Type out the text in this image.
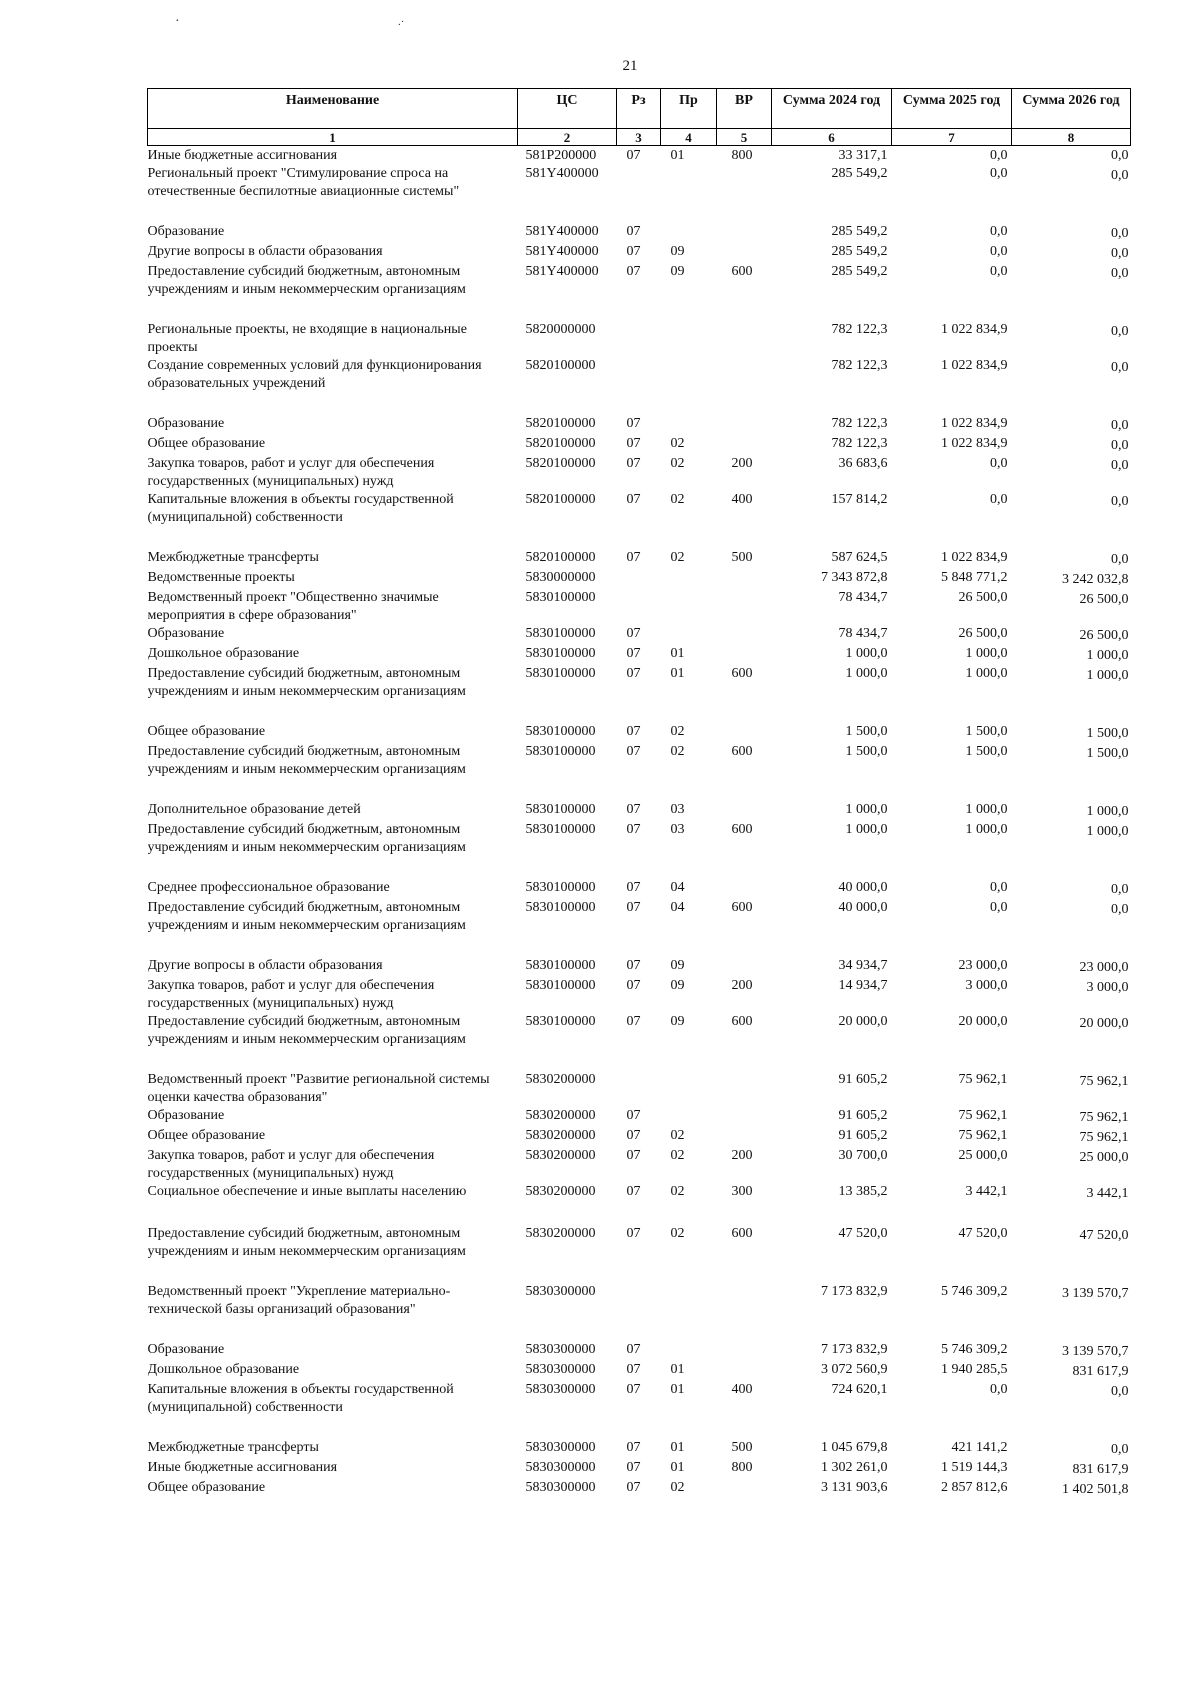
·	.·
21
Наименование	ЦС	Рз	Пр	ВР	Сумма 2024 год	Сумма 2025 год	Сумма 2026 год
1	2	3	4	5	6	7	8
Иные бюджетные ассигнования	581P200000	07	01	800	33 317,1	0,0	0,0
Региональный проект "Стимулирование спроса на отечественные беспилотные авиационные системы"	581Y400000				285 549,2	0,0	0,0
Образование	581Y400000	07			285 549,2	0,0	0,0
Другие вопросы в области образования	581Y400000	07	09		285 549,2	0,0	0,0
Предоставление субсидий бюджетным, автономным учреждениям и иным некоммерческим организациям	581Y400000	07	09	600	285 549,2	0,0	0,0
Региональные проекты, не входящие в национальные проекты	5820000000				782 122,3	1 022 834,9	0,0
Создание современных условий для функционирования образовательных учреждений	5820100000				782 122,3	1 022 834,9	0,0
Образование	5820100000	07			782 122,3	1 022 834,9	0,0
Общее образование	5820100000	07	02		782 122,3	1 022 834,9	0,0
Закупка товаров, работ и услуг для обеспечения государственных (муниципальных) нужд	5820100000	07	02	200	36 683,6	0,0	0,0
Капитальные вложения в объекты государственной (муниципальной) собственности	5820100000	07	02	400	157 814,2	0,0	0,0
Межбюджетные трансферты	5820100000	07	02	500	587 624,5	1 022 834,9	0,0
Ведомственные проекты	5830000000				7 343 872,8	5 848 771,2	3 242 032,8
Ведомственный проект "Общественно значимые мероприятия в сфере образования"	5830100000				78 434,7	26 500,0	26 500,0
Образование	5830100000	07			78 434,7	26 500,0	26 500,0
Дошкольное образование	5830100000	07	01		1 000,0	1 000,0	1 000,0
Предоставление субсидий бюджетным, автономным учреждениям и иным некоммерческим организациям	5830100000	07	01	600	1 000,0	1 000,0	1 000,0
Общее образование	5830100000	07	02		1 500,0	1 500,0	1 500,0
Предоставление субсидий бюджетным, автономным учреждениям и иным некоммерческим организациям	5830100000	07	02	600	1 500,0	1 500,0	1 500,0
Дополнительное образование детей	5830100000	07	03		1 000,0	1 000,0	1 000,0
Предоставление субсидий бюджетным, автономным учреждениям и иным некоммерческим организациям	5830100000	07	03	600	1 000,0	1 000,0	1 000,0
Среднее профессиональное образование	5830100000	07	04		40 000,0	0,0	0,0
Предоставление субсидий бюджетным, автономным учреждениям и иным некоммерческим организациям	5830100000	07	04	600	40 000,0	0,0	0,0
Другие вопросы в области образования	5830100000	07	09		34 934,7	23 000,0	23 000,0
Закупка товаров, работ и услуг для обеспечения государственных (муниципальных) нужд	5830100000	07	09	200	14 934,7	3 000,0	3 000,0
Предоставление субсидий бюджетным, автономным учреждениям и иным некоммерческим организациям	5830100000	07	09	600	20 000,0	20 000,0	20 000,0
Ведомственный проект "Развитие региональной системы оценки качества образования"	5830200000				91 605,2	75 962,1	75 962,1
Образование	5830200000	07			91 605,2	75 962,1	75 962,1
Общее образование	5830200000	07	02		91 605,2	75 962,1	75 962,1
Закупка товаров, работ и услуг для обеспечения государственных (муниципальных) нужд	5830200000	07	02	200	30 700,0	25 000,0	25 000,0
Социальное обеспечение и иные выплаты населению	5830200000	07	02	300	13 385,2	3 442,1	3 442,1
Предоставление субсидий бюджетным, автономным учреждениям и иным некоммерческим организациям	5830200000	07	02	600	47 520,0	47 520,0	47 520,0
Ведомственный проект "Укрепление материально-технической базы организаций образования"	5830300000				7 173 832,9	5 746 309,2	3 139 570,7
Образование	5830300000	07			7 173 832,9	5 746 309,2	3 139 570,7
Дошкольное образование	5830300000	07	01		3 072 560,9	1 940 285,5	831 617,9
Капитальные вложения в объекты государственной (муниципальной) собственности	5830300000	07	01	400	724 620,1	0,0	0,0
Межбюджетные трансферты	5830300000	07	01	500	1 045 679,8	421 141,2	0,0
Иные бюджетные ассигнования	5830300000	07	01	800	1 302 261,0	1 519 144,3	831 617,9
Общее образование	5830300000	07	02		3 131 903,6	2 857 812,6	1 402 501,8
